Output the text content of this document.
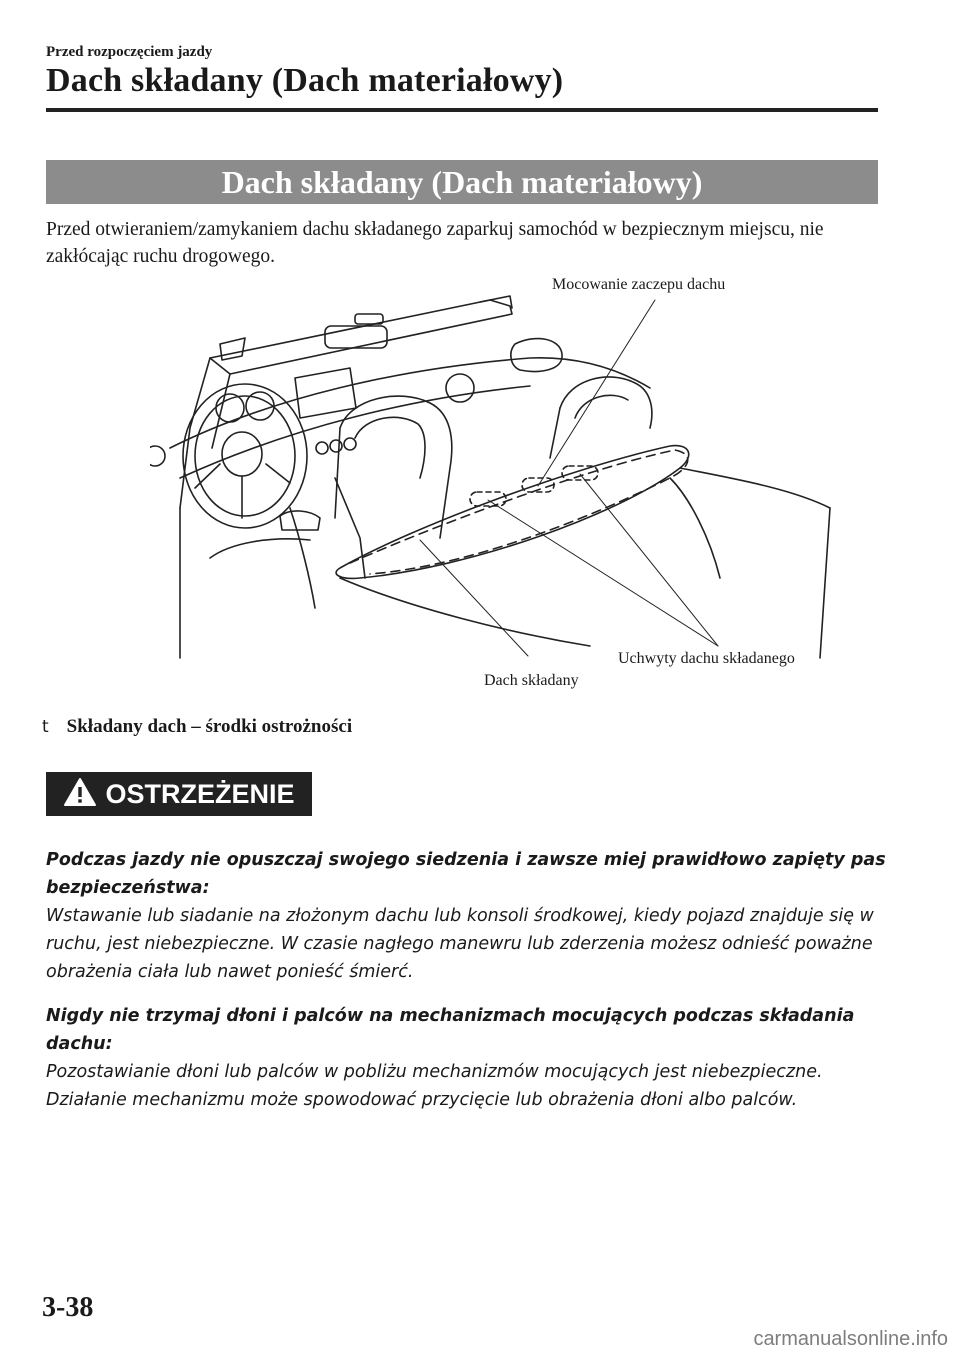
Przed rozpoczęciem jazdy
Dach składany (Dach materiałowy)
Dach składany (Dach materiałowy)

Przed otwieraniem/zamykaniem dachu składanego zaparkuj samochód w bezpiecznym miejscu, nie zakłócając ruchu drogowego.

Mocowanie zaczepu dachu
Uchwyty dachu składanego
Dach składany
t Składany dach – środki ostrożności
OSTRZEŻENIE

Podczas jazdy nie opuszczaj swojego siedzenia i zawsze miej prawidłowo zapięty pas bezpieczeństwa:
Wstawanie lub siadanie na złożonym dachu lub konsoli środkowej, kiedy pojazd znajduje się w ruchu, jest niebezpieczne. W czasie nagłego manewru lub zderzenia możesz odnieść poważne obrażenia ciała lub nawet ponieść śmierć.

Nigdy nie trzymaj dłoni i palców na mechanizmach mocujących podczas składania dachu:
Pozostawianie dłoni lub palców w pobliżu mechanizmów mocujących jest niebezpieczne. Działanie mechanizmu może spowodować przycięcie lub obrażenia dłoni albo palców.

3-38
carmanualsonline.info
